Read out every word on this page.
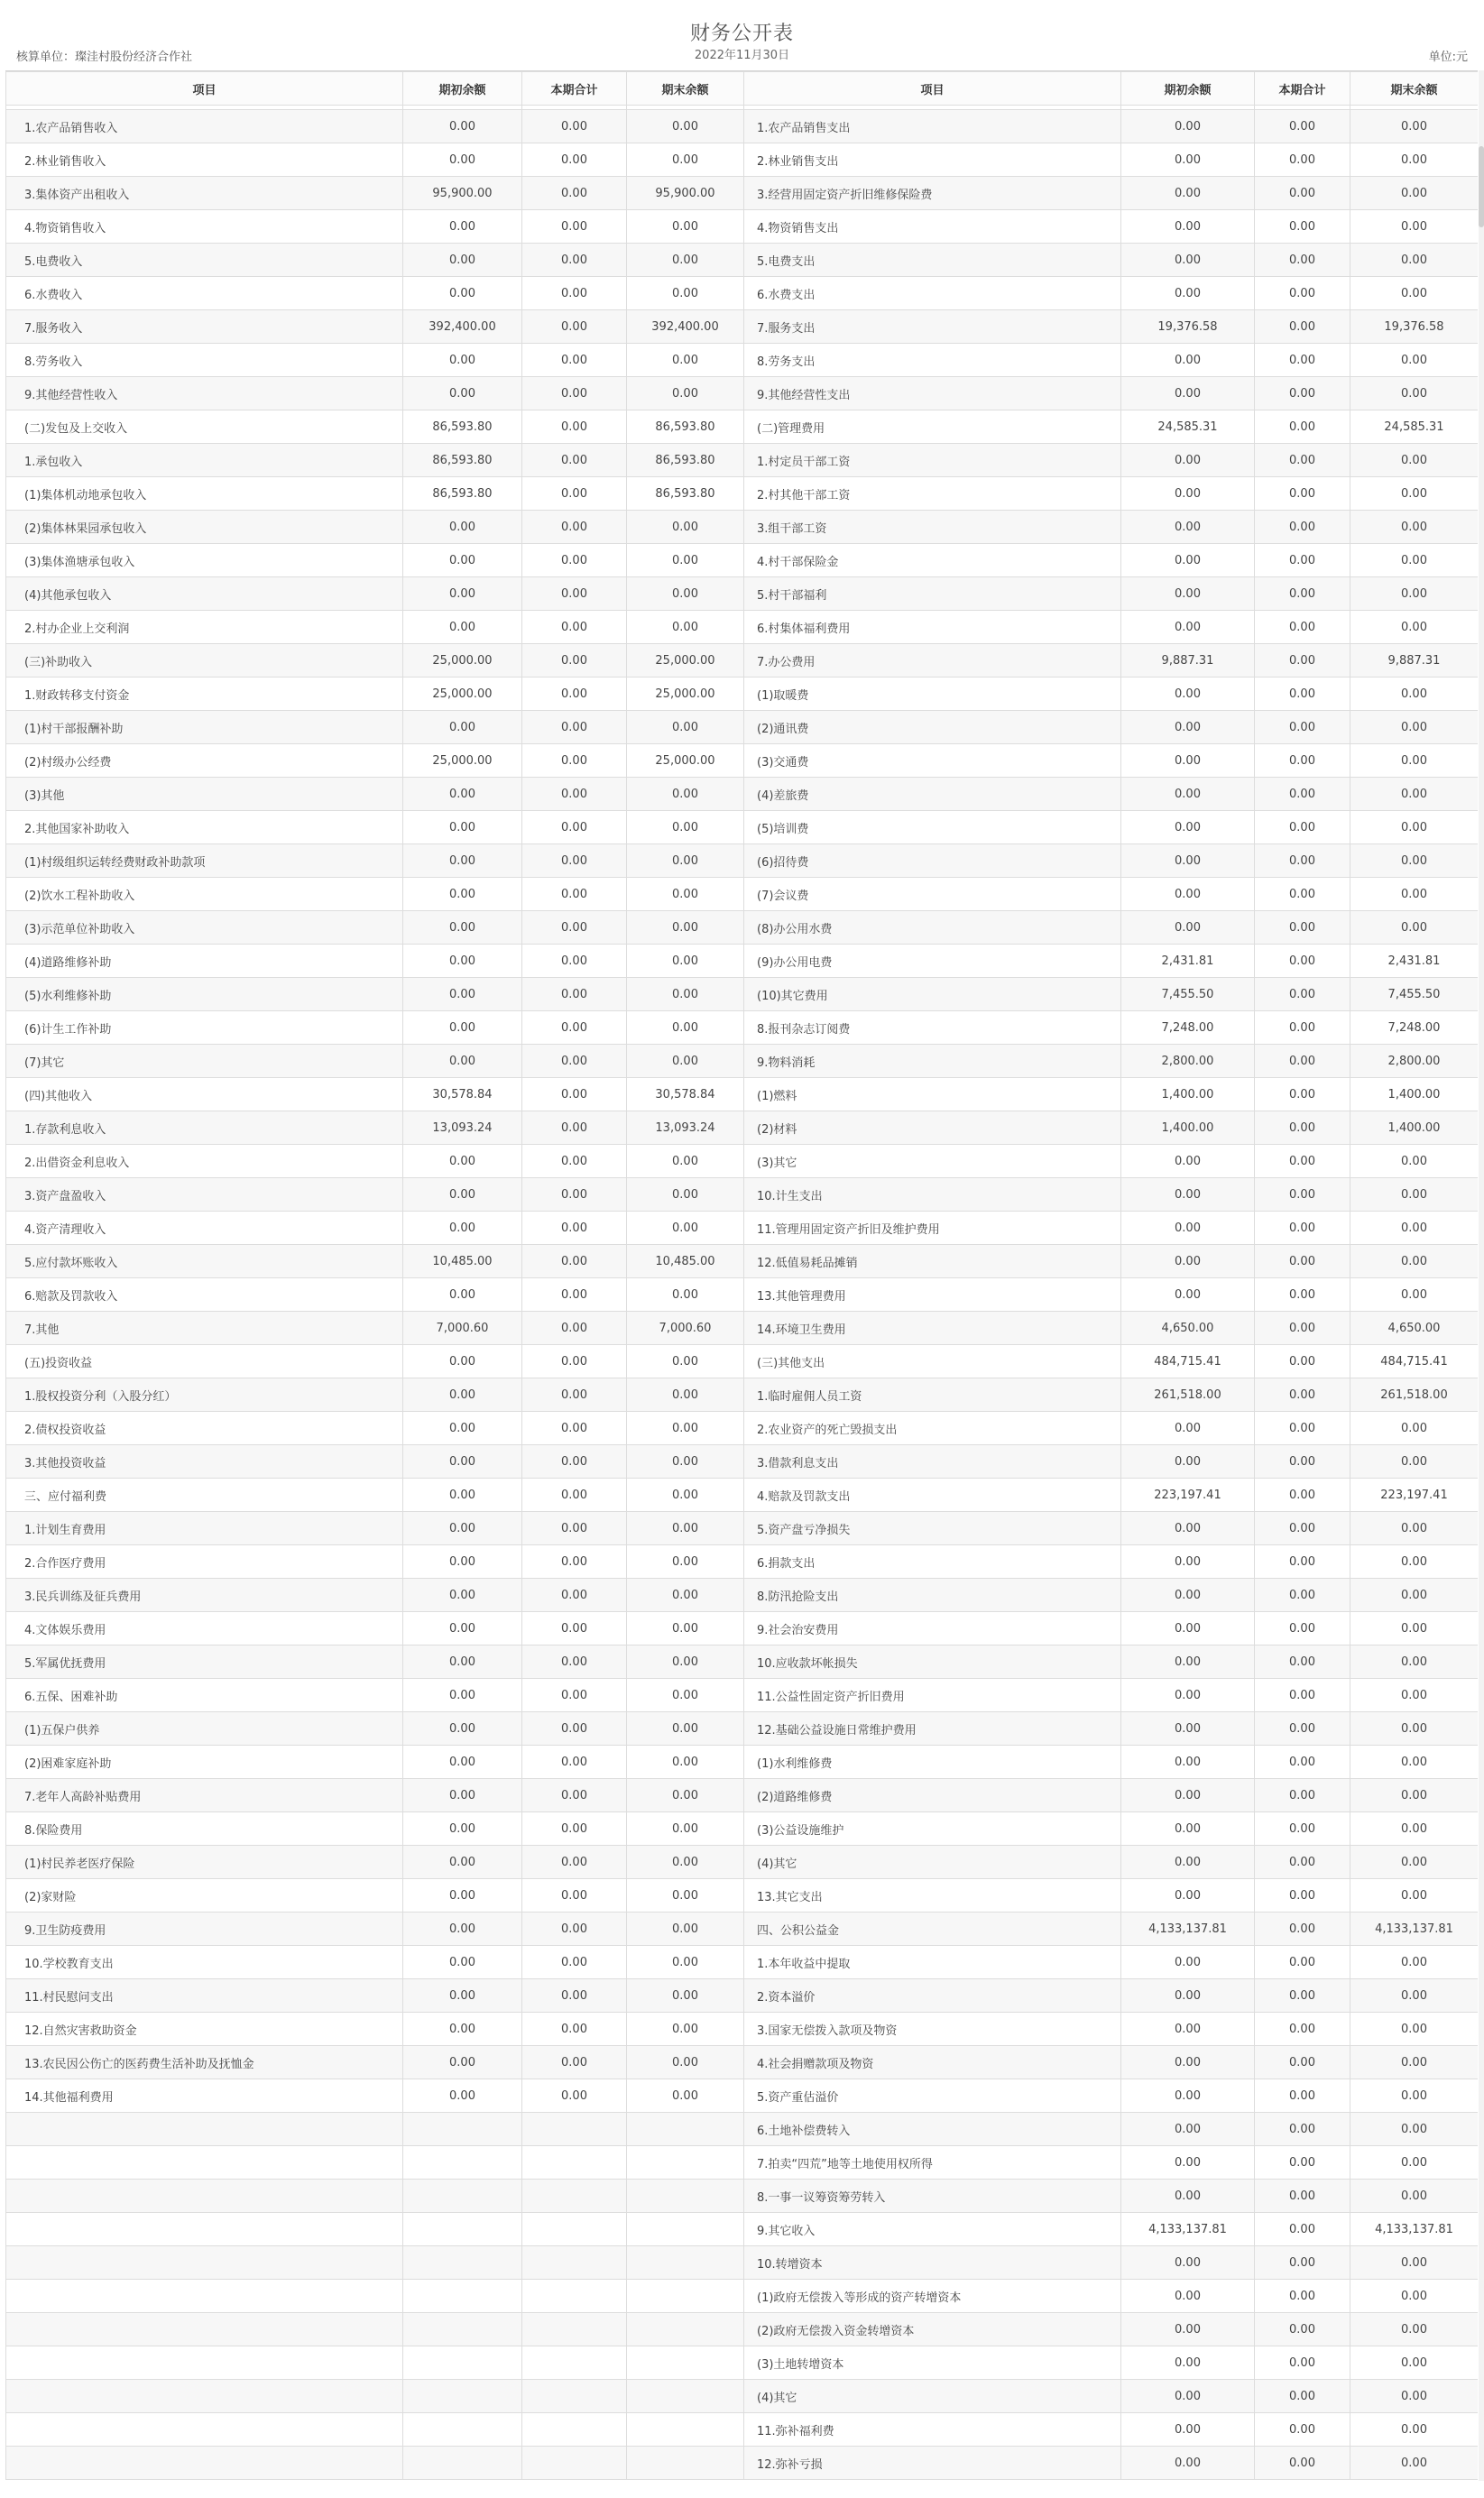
财务公开表
2022年11月30日
核算单位：璨洼村股份经济合作社	单位:元
项目	期初余额	本期合计	期末余额	项目	期初余额	本期合计	期末余额

1.农产品销售收入	0.00	0.00	0.00	1.农产品销售支出	0.00	0.00	0.00
2.林业销售收入	0.00	0.00	0.00	2.林业销售支出	0.00	0.00	0.00
3.集体资产出租收入	95,900.00	0.00	95,900.00	3.经营用固定资产折旧维修保险费	0.00	0.00	0.00
4.物资销售收入	0.00	0.00	0.00	4.物资销售支出	0.00	0.00	0.00
5.电费收入	0.00	0.00	0.00	5.电费支出	0.00	0.00	0.00
6.水费收入	0.00	0.00	0.00	6.水费支出	0.00	0.00	0.00
7.服务收入	392,400.00	0.00	392,400.00	7.服务支出	19,376.58	0.00	19,376.58
8.劳务收入	0.00	0.00	0.00	8.劳务支出	0.00	0.00	0.00
9.其他经营性收入	0.00	0.00	0.00	9.其他经营性支出	0.00	0.00	0.00
(二)发包及上交收入	86,593.80	0.00	86,593.80	(二)管理费用	24,585.31	0.00	24,585.31
1.承包收入	86,593.80	0.00	86,593.80	1.村定员干部工资	0.00	0.00	0.00
(1)集体机动地承包收入	86,593.80	0.00	86,593.80	2.村其他干部工资	0.00	0.00	0.00
(2)集体林果园承包收入	0.00	0.00	0.00	3.组干部工资	0.00	0.00	0.00
(3)集体渔塘承包收入	0.00	0.00	0.00	4.村干部保险金	0.00	0.00	0.00
(4)其他承包收入	0.00	0.00	0.00	5.村干部福利	0.00	0.00	0.00
2.村办企业上交利润	0.00	0.00	0.00	6.村集体福利费用	0.00	0.00	0.00
(三)补助收入	25,000.00	0.00	25,000.00	7.办公费用	9,887.31	0.00	9,887.31
1.财政转移支付资金	25,000.00	0.00	25,000.00	(1)取暖费	0.00	0.00	0.00
(1)村干部报酬补助	0.00	0.00	0.00	(2)通讯费	0.00	0.00	0.00
(2)村级办公经费	25,000.00	0.00	25,000.00	(3)交通费	0.00	0.00	0.00
(3)其他	0.00	0.00	0.00	(4)差旅费	0.00	0.00	0.00
2.其他国家补助收入	0.00	0.00	0.00	(5)培训费	0.00	0.00	0.00
(1)村级组织运转经费财政补助款项	0.00	0.00	0.00	(6)招待费	0.00	0.00	0.00
(2)饮水工程补助收入	0.00	0.00	0.00	(7)会议费	0.00	0.00	0.00
(3)示范单位补助收入	0.00	0.00	0.00	(8)办公用水费	0.00	0.00	0.00
(4)道路维修补助	0.00	0.00	0.00	(9)办公用电费	2,431.81	0.00	2,431.81
(5)水利维修补助	0.00	0.00	0.00	(10)其它费用	7,455.50	0.00	7,455.50
(6)计生工作补助	0.00	0.00	0.00	8.报刊杂志订阅费	7,248.00	0.00	7,248.00
(7)其它	0.00	0.00	0.00	9.物料消耗	2,800.00	0.00	2,800.00
(四)其他收入	30,578.84	0.00	30,578.84	(1)燃料	1,400.00	0.00	1,400.00
1.存款利息收入	13,093.24	0.00	13,093.24	(2)材料	1,400.00	0.00	1,400.00
2.出借资金利息收入	0.00	0.00	0.00	(3)其它	0.00	0.00	0.00
3.资产盘盈收入	0.00	0.00	0.00	10.计生支出	0.00	0.00	0.00
4.资产清理收入	0.00	0.00	0.00	11.管理用固定资产折旧及维护费用	0.00	0.00	0.00
5.应付款坏账收入	10,485.00	0.00	10,485.00	12.低值易耗品摊销	0.00	0.00	0.00
6.赔款及罚款收入	0.00	0.00	0.00	13.其他管理费用	0.00	0.00	0.00
7.其他	7,000.60	0.00	7,000.60	14.环境卫生费用	4,650.00	0.00	4,650.00
(五)投资收益	0.00	0.00	0.00	(三)其他支出	484,715.41	0.00	484,715.41
1.股权投资分利（入股分红）	0.00	0.00	0.00	1.临时雇佣人员工资	261,518.00	0.00	261,518.00
2.债权投资收益	0.00	0.00	0.00	2.农业资产的死亡毁损支出	0.00	0.00	0.00
3.其他投资收益	0.00	0.00	0.00	3.借款利息支出	0.00	0.00	0.00
三、应付福利费	0.00	0.00	0.00	4.赔款及罚款支出	223,197.41	0.00	223,197.41
1.计划生育费用	0.00	0.00	0.00	5.资产盘亏净损失	0.00	0.00	0.00
2.合作医疗费用	0.00	0.00	0.00	6.捐款支出	0.00	0.00	0.00
3.民兵训练及征兵费用	0.00	0.00	0.00	8.防汛抢险支出	0.00	0.00	0.00
4.文体娱乐费用	0.00	0.00	0.00	9.社会治安费用	0.00	0.00	0.00
5.军属优抚费用	0.00	0.00	0.00	10.应收款坏帐损失	0.00	0.00	0.00
6.五保、困难补助	0.00	0.00	0.00	11.公益性固定资产折旧费用	0.00	0.00	0.00
(1)五保户供养	0.00	0.00	0.00	12.基础公益设施日常维护费用	0.00	0.00	0.00
(2)困难家庭补助	0.00	0.00	0.00	(1)水利维修费	0.00	0.00	0.00
7.老年人高龄补贴费用	0.00	0.00	0.00	(2)道路维修费	0.00	0.00	0.00
8.保险费用	0.00	0.00	0.00	(3)公益设施维护	0.00	0.00	0.00
(1)村民养老医疗保险	0.00	0.00	0.00	(4)其它	0.00	0.00	0.00
(2)家财险	0.00	0.00	0.00	13.其它支出	0.00	0.00	0.00
9.卫生防疫费用	0.00	0.00	0.00	四、公积公益金	4,133,137.81	0.00	4,133,137.81
10.学校教育支出	0.00	0.00	0.00	1.本年收益中提取	0.00	0.00	0.00
11.村民慰问支出	0.00	0.00	0.00	2.资本溢价	0.00	0.00	0.00
12.自然灾害救助资金	0.00	0.00	0.00	3.国家无偿拨入款项及物资	0.00	0.00	0.00
13.农民因公伤亡的医药费生活补助及抚恤金	0.00	0.00	0.00	4.社会捐赠款项及物资	0.00	0.00	0.00
14.其他福利费用	0.00	0.00	0.00	5.资产重估溢价	0.00	0.00	0.00
				6.土地补偿费转入	0.00	0.00	0.00
				7.拍卖“四荒”地等土地使用权所得	0.00	0.00	0.00
				8.一事一议筹资筹劳转入	0.00	0.00	0.00
				9.其它收入	4,133,137.81	0.00	4,133,137.81
				10.转增资本	0.00	0.00	0.00
				(1)政府无偿拨入等形成的资产转增资本	0.00	0.00	0.00
				(2)政府无偿拨入资金转增资本	0.00	0.00	0.00
				(3)土地转增资本	0.00	0.00	0.00
				(4)其它	0.00	0.00	0.00
				11.弥补福利费	0.00	0.00	0.00
				12.弥补亏损	0.00	0.00	0.00
